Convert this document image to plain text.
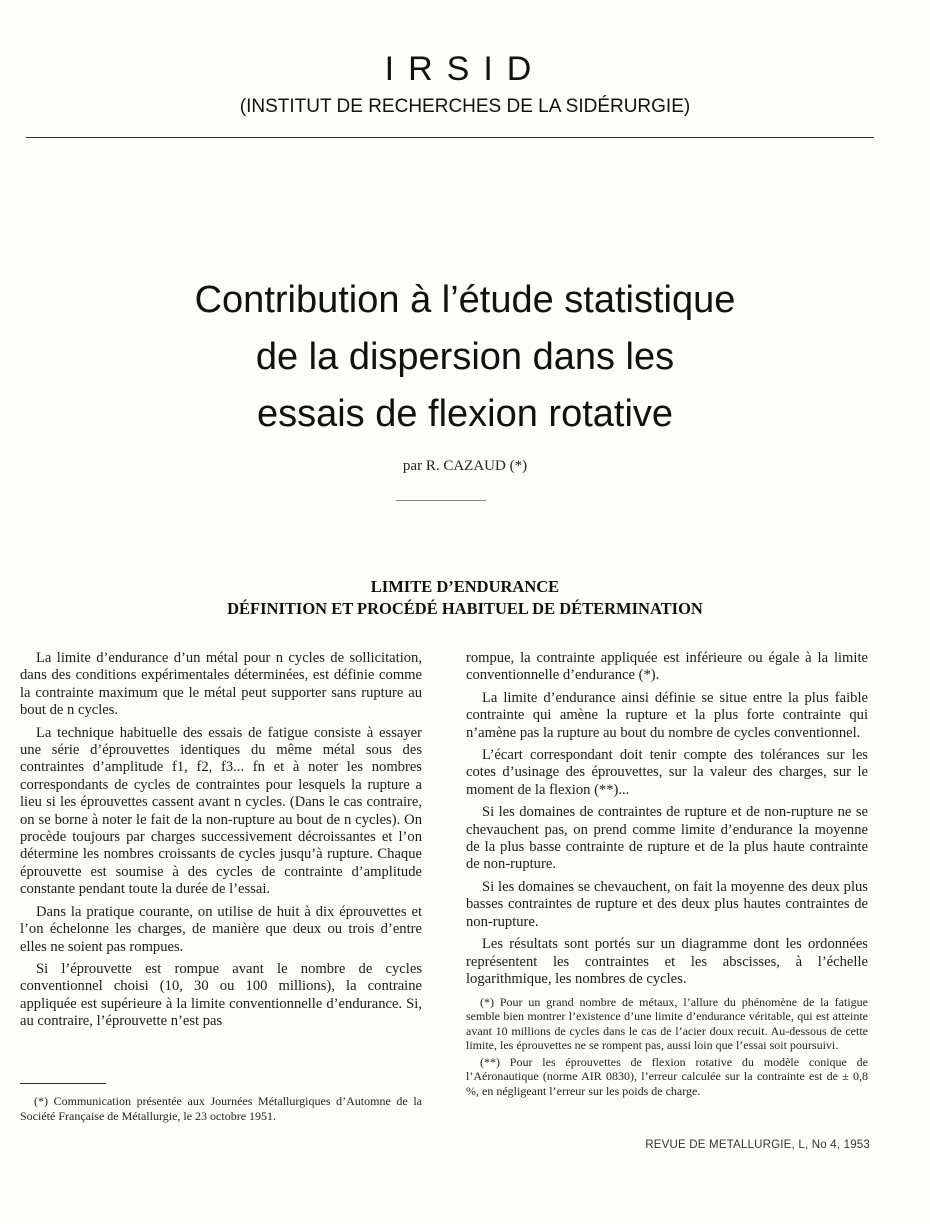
IRSID
(INSTITUT DE RECHERCHES DE LA SIDÉRURGIE)
Contribution à l’étude statistique
de la dispersion dans les
essais de flexion rotative
par R. CAZAUD (*)
LIMITE D’ENDURANCE
DÉFINITION ET PROCÉDÉ HABITUEL DE DÉTERMINATION

La limite d’endurance d’un métal pour n cycles de sollicitation, dans des conditions expérimentales déterminées, est définie comme la contrainte maximum que le métal peut supporter sans rupture au bout de n cycles.

La technique habituelle des essais de fatigue consiste à essayer une série d’éprouvettes identiques du même métal sous des contraintes d’amplitude f1, f2, f3... fn et à noter les nombres correspondants de cycles de contraintes pour lesquels la rupture a lieu si les éprouvettes cassent avant n cycles. (Dans le cas contraire, on se borne à noter le fait de la non-rupture au bout de n cycles). On procède toujours par charges successivement décroissantes et l’on détermine les nombres croissants de cycles jusqu’à rupture. Chaque éprouvette est soumise à des cycles de contrainte d’amplitude constante pendant toute la durée de l’essai.

Dans la pratique courante, on utilise de huit à dix éprouvettes et l’on échelonne les charges, de manière que deux ou trois d’entre elles ne soient pas rompues.

Si l’éprouvette est rompue avant le nombre de cycles conventionnel choisi (10, 30 ou 100 millions), la contraine appliquée est supérieure à la limite conventionnelle d’endurance. Si, au contraire, l’éprouvette n’est pas

rompue, la contrainte appliquée est inférieure ou égale à la limite conventionnelle d’endurance (*).

La limite d’endurance ainsi définie se situe entre la plus faible contrainte qui amène la rupture et la plus forte contrainte qui n’amène pas la rupture au bout du nombre de cycles conventionnel.

L’écart correspondant doit tenir compte des tolérances sur les cotes d’usinage des éprouvettes, sur la valeur des charges, sur le moment de la flexion (**)...

Si les domaines de contraintes de rupture et de non-rupture ne se chevauchent pas, on prend comme limite d’endurance la moyenne de la plus basse contrainte de rupture et de la plus haute contrainte de non-rupture.

Si les domaines se chevauchent, on fait la moyenne des deux plus basses contraintes de rupture et des deux plus hautes contraintes de non-rupture.

Les résultats sont portés sur un diagramme dont les ordonnées représentent les contraintes et les abscisses, à l’échelle logarithmique, les nombres de cycles.

(*) Pour un grand nombre de métaux, l’allure du phénomène de la fatigue semble bien montrer l’existence d’une limite d’endurance véritable, qui est atteinte avant 10 millions de cycles dans le cas de l’acier doux recuit. Au-dessous de cette limite, les éprouvettes ne se rompent pas, aussi loin que l’essai soit poursuivi.

(**) Pour les éprouvettes de flexion rotative du modèle conique de l’Aéronautique (norme AIR 0830), l’erreur calculée sur la contrainte est de ± 0,8 %, en négligeant l’erreur sur les poids de charge.

(*) Communication présentée aux Journées Métallurgiques d’Automne de la Société Française de Métallurgie, le 23 octobre 1951.

REVUE DE METALLURGIE, L, No 4, 1953
